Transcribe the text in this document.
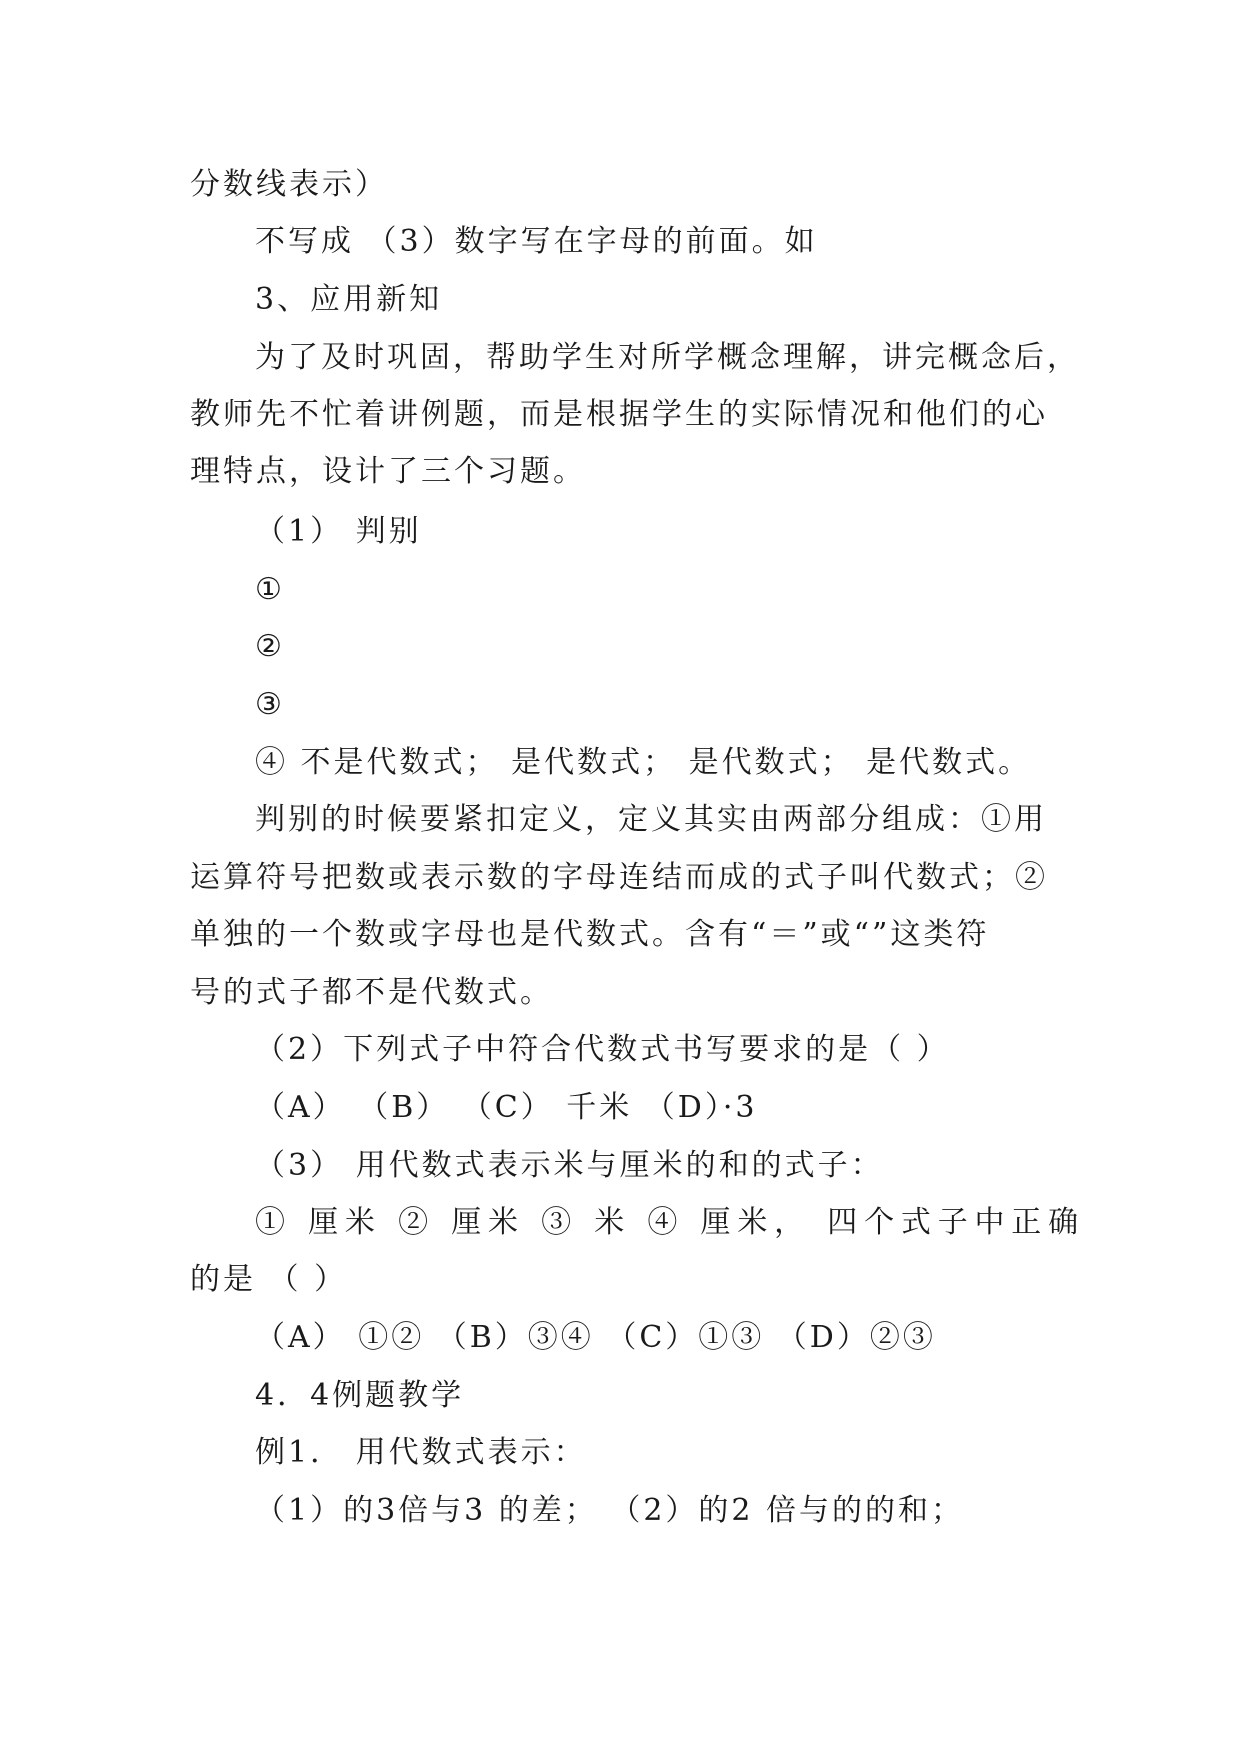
分数线表示）
不写成 （3）数字写在字母的前面。如
3、应用新知
为了及时巩固，帮助学生对所学概念理解，讲完概念后，
教师先不忙着讲例题，而是根据学生的实际情况和他们的心
理特点，设计了三个习题。
（1） 判别
①
②
③
④ 不是代数式； 是代数式； 是代数式； 是代数式。
判别的时候要紧扣定义，定义其实由两部分组成：①用
运算符号把数或表示数的字母连结而成的式子叫代数式；②
单独的一个数或字母也是代数式。含有“＝”或“”这类符
号的式子都不是代数式。
（2）下列式子中符合代数式书写要求的是（ ）
（A） （B） （C） 千米 （D）·3
（3） 用代数式表示米与厘米的和的式子：
① 厘米 ② 厘米 ③ 米 ④ 厘米， 四个式子中正确
的是 （ ）
（A） ①② （B）③④ （C）①③ （D）②③
4．4例题教学
例1． 用代数式表示：
（1）的3倍与3 的差； （2）的2 倍与的的和；
